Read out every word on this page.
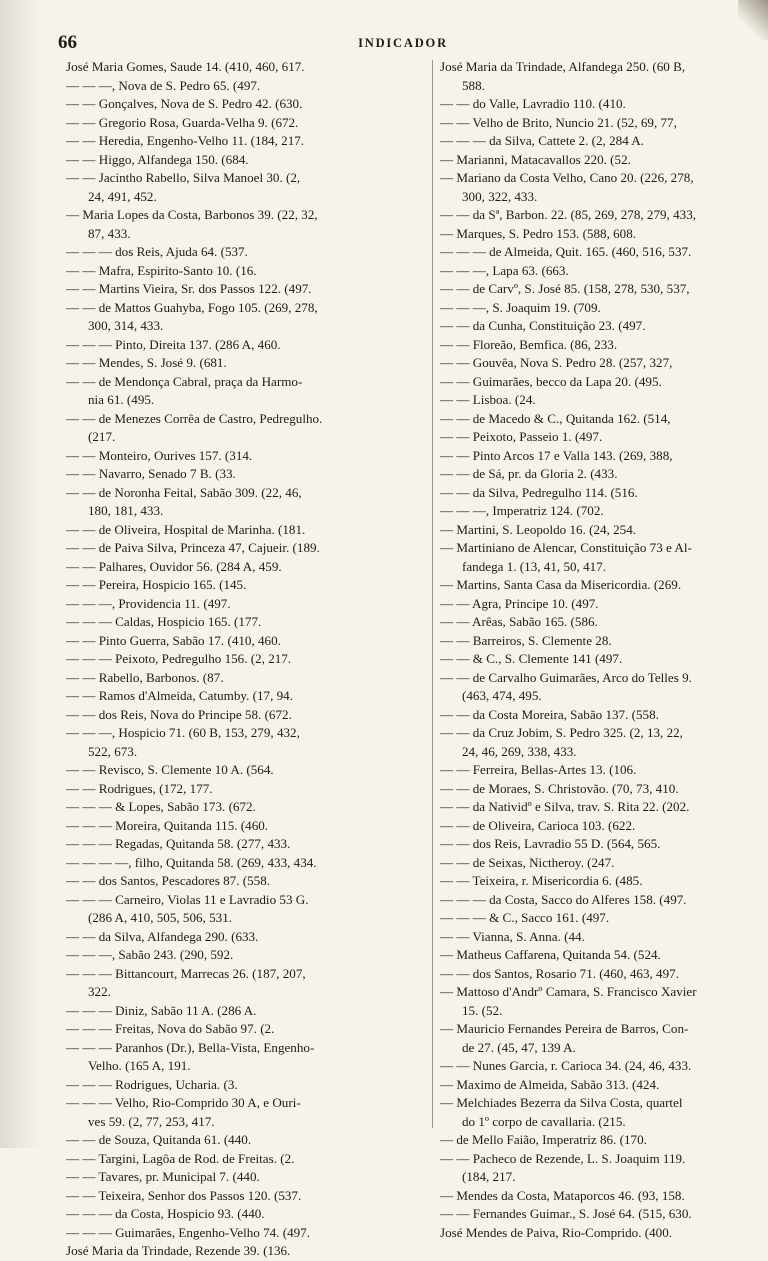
66	INDICADOR
José Maria Gomes, Saude 14. (410, 460, 617.
— — —, Nova de S. Pedro 65. (497.
— — Gonçalves, Nova de S. Pedro 42. (630.
— — Gregorio Rosa, Guarda-Velha 9. (672.
— — Heredia, Engenho-Velho 11. (184, 217.
— — Higgo, Alfandega 150. (684.
— — Jacintho Rabello, Silva Manoel 30. (2,
24, 491, 452.
— Maria Lopes da Costa, Barbonos 39. (22, 32,
87, 433.
— — — dos Reis, Ajuda 64. (537.
— — Mafra, Espirito-Santo 10. (16.
— — Martins Vieira, Sr. dos Passos 122. (497.
— — de Mattos Guahyba, Fogo 105. (269, 278,
300, 314, 433.
— — — Pinto, Direita 137. (286 A, 460.
— — Mendes, S. José 9. (681.
— — de Mendonça Cabral, praça da Harmo-
nia 61. (495.
— — de Menezes Corrêa de Castro, Pedregulho.
(217.
— — Monteiro, Ourives 157. (314.
— — Navarro, Senado 7 B. (33.
— — de Noronha Feital, Sabão 309. (22, 46,
180, 181, 433.
— — de Oliveira, Hospital de Marinha. (181.
— — de Paiva Silva, Princeza 47, Cajueir. (189.
— — Palhares, Ouvidor 56. (284 A, 459.
— — Pereira, Hospicio 165. (145.
— — —, Providencia 11. (497.
— — — Caldas, Hospicio 165. (177.
— — Pinto Guerra, Sabão 17. (410, 460.
— — — Peixoto, Pedregulho 156. (2, 217.
— — Rabello, Barbonos. (87.
— — Ramos d'Almeida, Catumby. (17, 94.
— — dos Reis, Nova do Principe 58. (672.
— — —, Hospicio 71. (60 B, 153, 279, 432,
522, 673.
— — Revisco, S. Clemente 10 A. (564.
— — Rodrigues, (172, 177.
— — — & Lopes, Sabão 173. (672.
— — — Moreira, Quitanda 115. (460.
— — — Regadas, Quitanda 58. (277, 433.
— — — —, filho, Quitanda 58. (269, 433, 434.
— — dos Santos, Pescadores 87. (558.
— — — Carneiro, Violas 11 e Lavradio 53 G.
(286 A, 410, 505, 506, 531.
— — da Silva, Alfandega 290. (633.
— — —, Sabão 243. (290, 592.
— — — Bittancourt, Marrecas 26. (187, 207,
322.
— — — Diniz, Sabão 11 A. (286 A.
— — — Freitas, Nova do Sabão 97. (2.
— — — Paranhos (Dr.), Bella-Vista, Engenho-
Velho. (165 A, 191.
— — — Rodrigues, Ucharia. (3.
— — — Velho, Rio-Comprido 30 A, e Ouri-
ves 59. (2, 77, 253, 417.
— — de Souza, Quitanda 61. (440.
— — Targini, Lagôa de Rod. de Freitas. (2.
— — Tavares, pr. Municipal 7. (440.
— — Teixeira, Senhor dos Passos 120. (537.
— — — da Costa, Hospicio 93. (440.
— — — Guimarães, Engenho-Velho 74. (497.
José Maria da Trindade, Rezende 39. (136.
José Maria da Trindade, Alfandega 250. (60 B,
588.
— — do Valle, Lavradio 110. (410.
— — Velho de Brito, Nuncio 21. (52, 69, 77,
— — — da Silva, Cattete 2. (2, 284 A.
— Marianni, Matacavallos 220. (52.
— Mariano da Costa Velho, Cano 20. (226, 278,
300, 322, 433.
— — da Sª, Barbon. 22. (85, 269, 278, 279, 433,
— Marques, S. Pedro 153. (588, 608.
— — — de Almeida, Quit. 165. (460, 516, 537.
— — —, Lapa 63. (663.
— — de Carvº, S. José 85. (158, 278, 530, 537,
— — —, S. Joaquim 19. (709.
— — da Cunha, Constituição 23. (497.
— — Floreão, Bemfica. (86, 233.
— — Gouvêa, Nova S. Pedro 28. (257, 327,
— — Guimarães, becco da Lapa 20. (495.
— — Lisboa. (24.
— — de Macedo & C., Quitanda 162. (514,
— — Peixoto, Passeio 1. (497.
— — Pinto Arcos 17 e Valla 143. (269, 388,
— — de Sá, pr. da Gloria 2. (433.
— — da Silva, Pedregulho 114. (516.
— — —, Imperatriz 124. (702.
— Martini, S. Leopoldo 16. (24, 254.
— Martiniano de Alencar, Constituição 73 e Al-
fandega 1. (13, 41, 50, 417.
— Martins, Santa Casa da Misericordia. (269.
— — Agra, Principe 10. (497.
— — Arêas, Sabão 165. (586.
— — Barreiros, S. Clemente 28.
— — & C., S. Clemente 141 (497.
— — de Carvalho Guimarães, Arco do Telles 9.
(463, 474, 495.
— — da Costa Moreira, Sabão 137. (558.
— — da Cruz Jobim, S. Pedro 325. (2, 13, 22,
24, 46, 269, 338, 433.
— — Ferreira, Bellas-Artes 13. (106.
— — de Moraes, S. Christovão. (70, 73, 410.
— — da Natividº e Silva, trav. S. Rita 22. (202.
— — de Oliveira, Carioca 103. (622.
— — dos Reis, Lavradio 55 D. (564, 565.
— — de Seixas, Nictheroy. (247.
— — Teixeira, r. Misericordia 6. (485.
— — — da Costa, Sacco do Alferes 158. (497.
— — — & C., Sacco 161. (497.
— — Vianna, S. Anna. (44.
— Matheus Caffarena, Quitanda 54. (524.
— — dos Santos, Rosario 71. (460, 463, 497.
— Mattoso d'Andrº Camara, S. Francisco Xavier
15. (52.
— Mauricio Fernandes Pereira de Barros, Con-
de 27. (45, 47, 139 A.
— — Nunes Garcia, r. Carioca 34. (24, 46, 433.
— Maximo de Almeida, Sabão 313. (424.
— Melchiades Bezerra da Silva Costa, quartel
do 1º corpo de cavallaria. (215.
— de Mello Faião, Imperatriz 86. (170.
— — Pacheco de Rezende, L. S. Joaquim 119.
(184, 217.
— Mendes da Costa, Mataporcos 46. (93, 158.
— — Fernandes Guimar., S. José 64. (515, 630.
José Mendes de Paiva, Rio-Comprido. (400.
